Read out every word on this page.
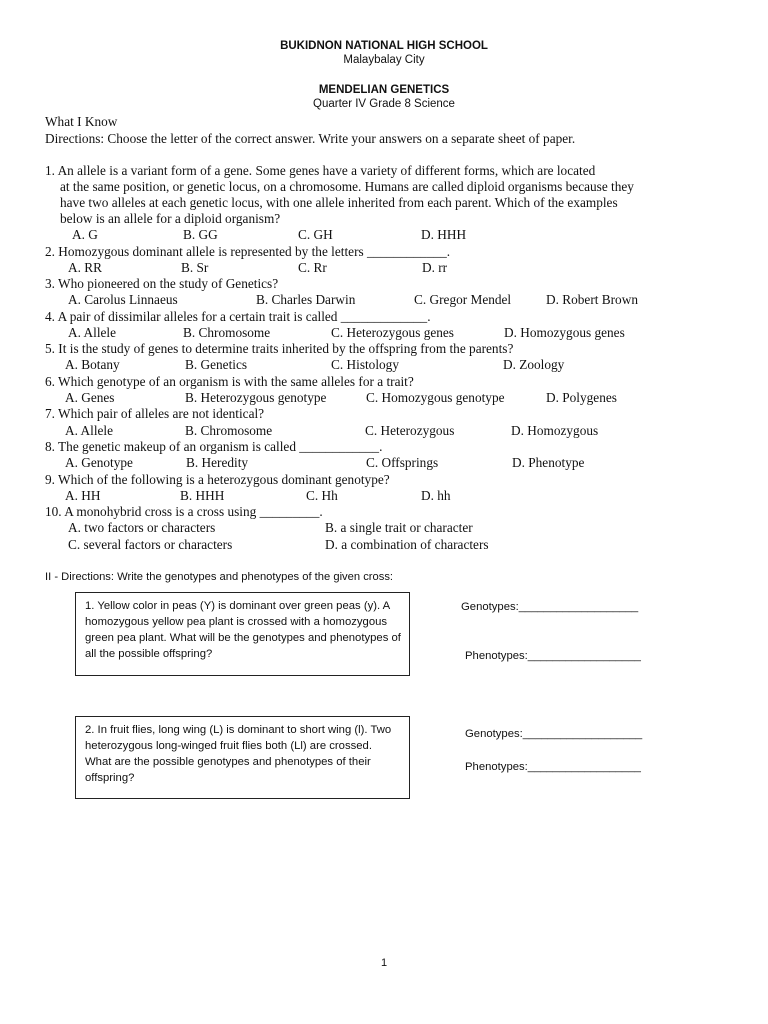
BUKIDNON NATIONAL HIGH SCHOOL
Malaybalay City
MENDELIAN GENETICS
Quarter IV Grade 8 Science
What I Know
Directions: Choose the letter of the correct answer. Write your answers on a separate sheet of paper.
1. An allele is a variant form of a gene. Some genes have a variety of different forms, which are located
at the same position, or genetic locus, on a chromosome. Humans are called diploid organisms because they
have two alleles at each genetic locus, with one allele inherited from each parent. Which of the examples
below is an allele for a diploid organism?
A. G	B. GG	C. GH	D. HHH
2. Homozygous dominant allele is represented by the letters ____________.
A. RR	B. Sr	C. Rr	D. rr
3. Who pioneered on the study of Genetics?
A. Carolus Linnaeus	B. Charles Darwin	C. Gregor Mendel	D. Robert Brown
4. A pair of dissimilar alleles for a certain trait is called _____________.
A. Allele	B. Chromosome	C. Heterozygous genes	D. Homozygous genes
5. It is the study of genes to determine traits inherited by the offspring from the parents?
A. Botany	B. Genetics	C. Histology	D. Zoology
6. Which genotype of an organism is with the same alleles for a trait?
A. Genes	B. Heterozygous genotype	C. Homozygous genotype	D. Polygenes
7. Which pair of alleles are not identical?
A. Allele	B. Chromosome	C. Heterozygous	D. Homozygous
8. The genetic makeup of an organism is called ____________.
A. Genotype	B. Heredity	C. Offsprings	D. Phenotype
9. Which of the following is a heterozygous dominant genotype?
A. HH	B. HHH	C. Hh	D. hh
10. A monohybrid cross is a cross using _________.
A. two factors or characters	B. a single trait or character
C. several factors or characters	D. a combination of characters
II - Directions: Write the genotypes and phenotypes of the given cross:
1. Yellow color in peas (Y) is dominant over green peas (y). A homozygous yellow pea plant is crossed with a homozygous green pea plant. What will be the genotypes and phenotypes of all the possible offspring?
Genotypes:___________________
Phenotypes:__________________
2. In fruit flies, long wing (L) is dominant to short wing (l). Two heterozygous long-winged fruit flies both (Ll) are crossed. What are the possible genotypes and phenotypes of their offspring?
Genotypes:___________________
Phenotypes:__________________
1
